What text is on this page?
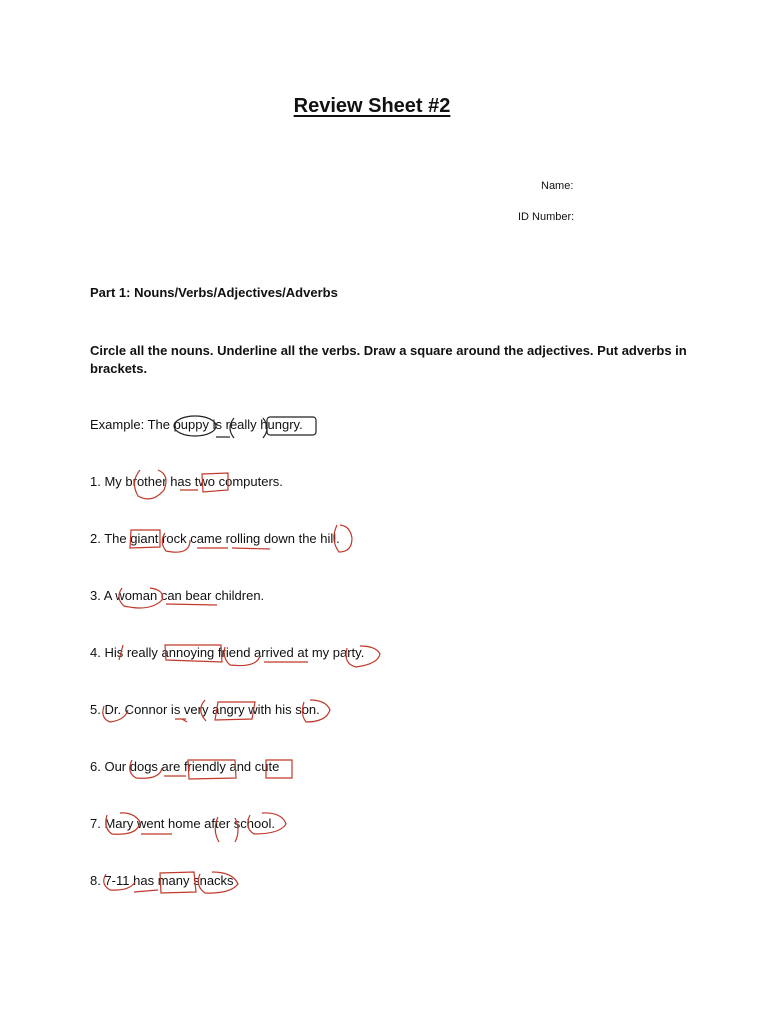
Review Sheet #2
Name:
ID Number:
Part 1: Nouns/Verbs/Adjectives/Adverbs
Circle all the nouns. Underline all the verbs. Draw a square around the adjectives. Put adverbs in brackets.
Example: The puppy is really hungry.
1. My brother has two computers.
2. The giant rock came rolling down the hill.
3. A woman can bear children.
4. His really annoying friend arrived at my party.
5. Dr. Connor is very angry with his son.
6. Our dogs are friendly and cute
7. Mary went home after school.
8. 7-11 has many snacks
